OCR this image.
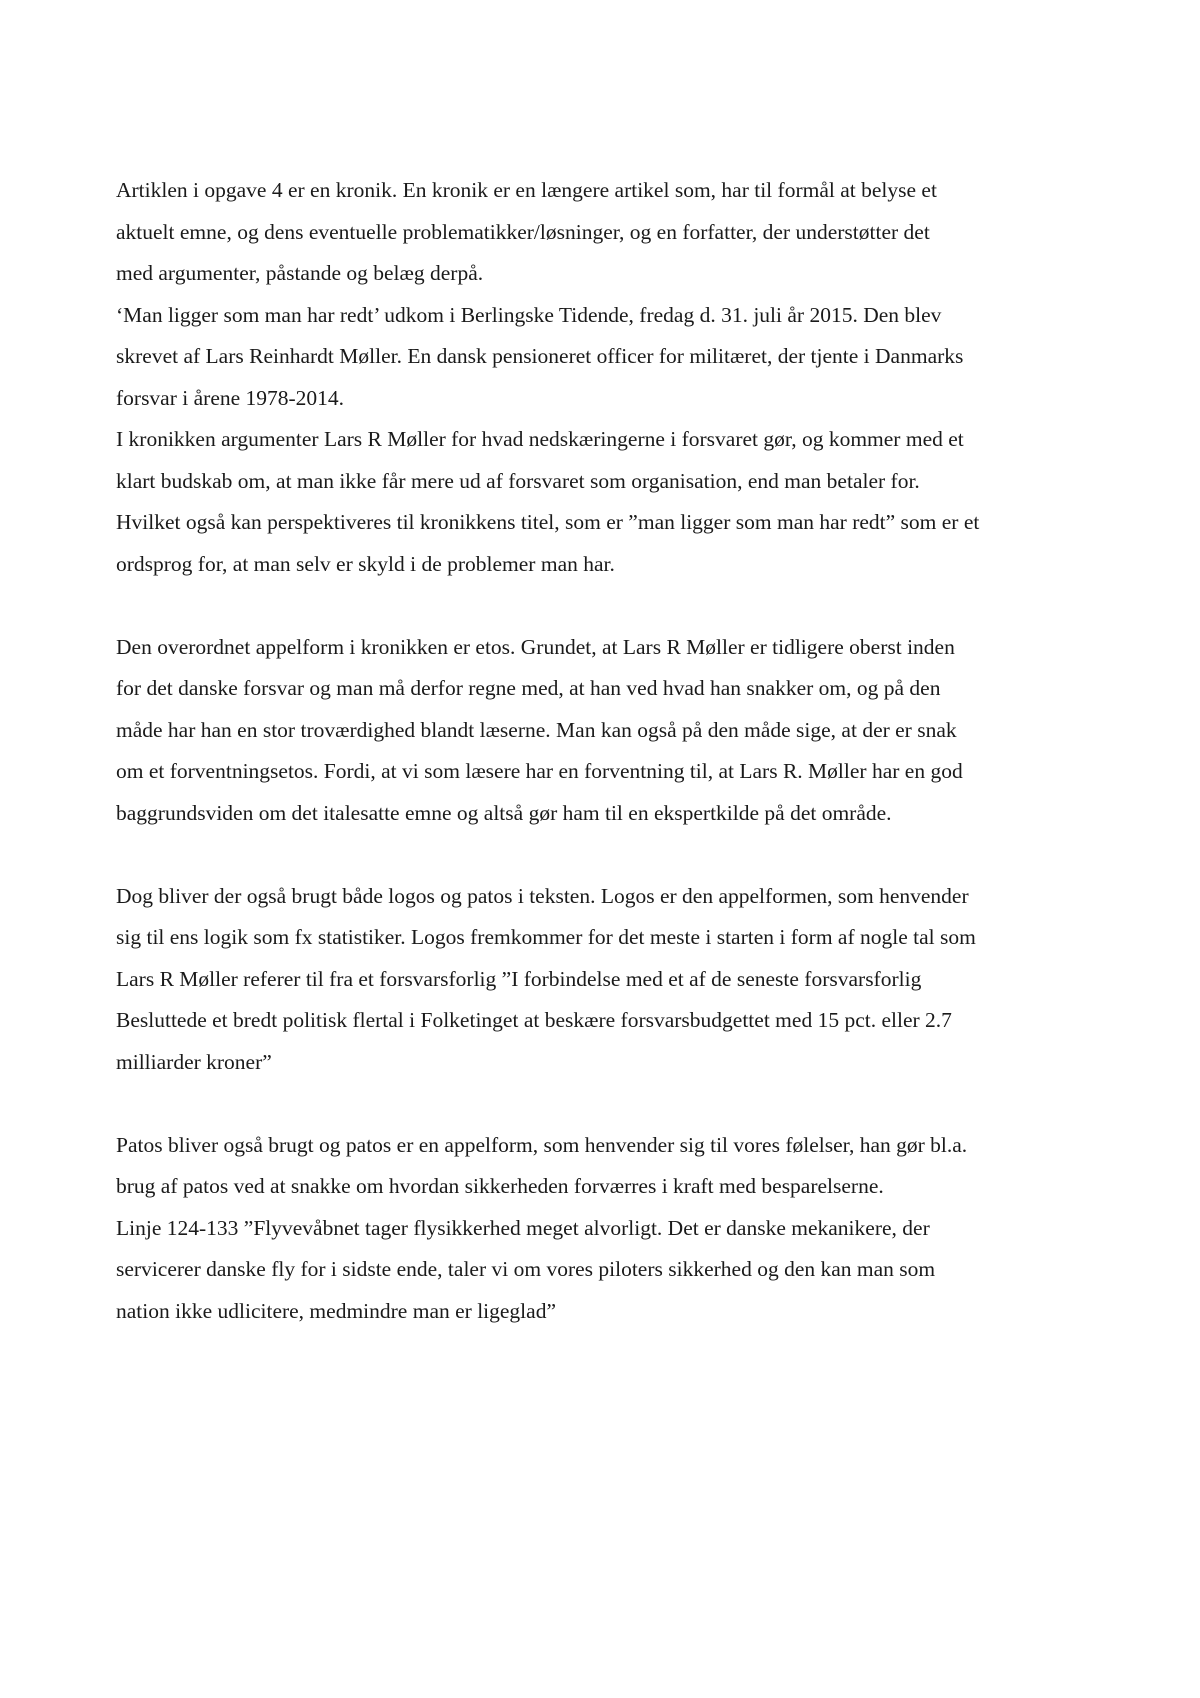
Artiklen i opgave 4 er en kronik. En kronik er en længere artikel som, har til formål at belyse et
aktuelt emne, og dens eventuelle problematikker/løsninger, og en forfatter, der understøtter det
med argumenter, påstande og belæg derpå.

‘Man ligger som man har redt’ udkom i Berlingske Tidende, fredag d. 31. juli år 2015. Den blev
skrevet af Lars Reinhardt Møller. En dansk pensioneret officer for militæret, der tjente i Danmarks
forsvar i årene 1978-2014.

I kronikken argumenter Lars R Møller for hvad nedskæringerne i forsvaret gør, og kommer med et
klart budskab om, at man ikke får mere ud af forsvaret som organisation, end man betaler for.
Hvilket også kan perspektiveres til kronikkens titel, som er ”man ligger som man har redt” som er et
ordsprog for, at man selv er skyld i de problemer man har.

Den overordnet appelform i kronikken er etos. Grundet, at Lars R Møller er tidligere oberst inden
for det danske forsvar og man må derfor regne med, at han ved hvad han snakker om, og på den
måde har han en stor troværdighed blandt læserne. Man kan også på den måde sige, at der er snak
om et forventningsetos. Fordi, at vi som læsere har en forventning til, at Lars R. Møller har en god
baggrundsviden om det italesatte emne og altså gør ham til en ekspertkilde på det område.

Dog bliver der også brugt både logos og patos i teksten. Logos er den appelformen, som henvender
sig til ens logik som fx statistiker. Logos fremkommer for det meste i starten i form af nogle tal som
Lars R Møller referer til fra et forsvarsforlig ”I forbindelse med et af de seneste forsvarsforlig
Besluttede et bredt politisk flertal i Folketinget at beskære forsvarsbudgettet med 15 pct. eller 2.7
milliarder kroner”

Patos bliver også brugt og patos er en appelform, som henvender sig til vores følelser, han gør bl.a.
brug af patos ved at snakke om hvordan sikkerheden forværres i kraft med besparelserne.

Linje 124-133 ”Flyvevåbnet tager flysikkerhed meget alvorligt. Det er danske mekanikere, der
servicerer danske fly for i sidste ende, taler vi om vores piloters sikkerhed og den kan man som
nation ikke udlicitere, medmindre man er ligeglad”
